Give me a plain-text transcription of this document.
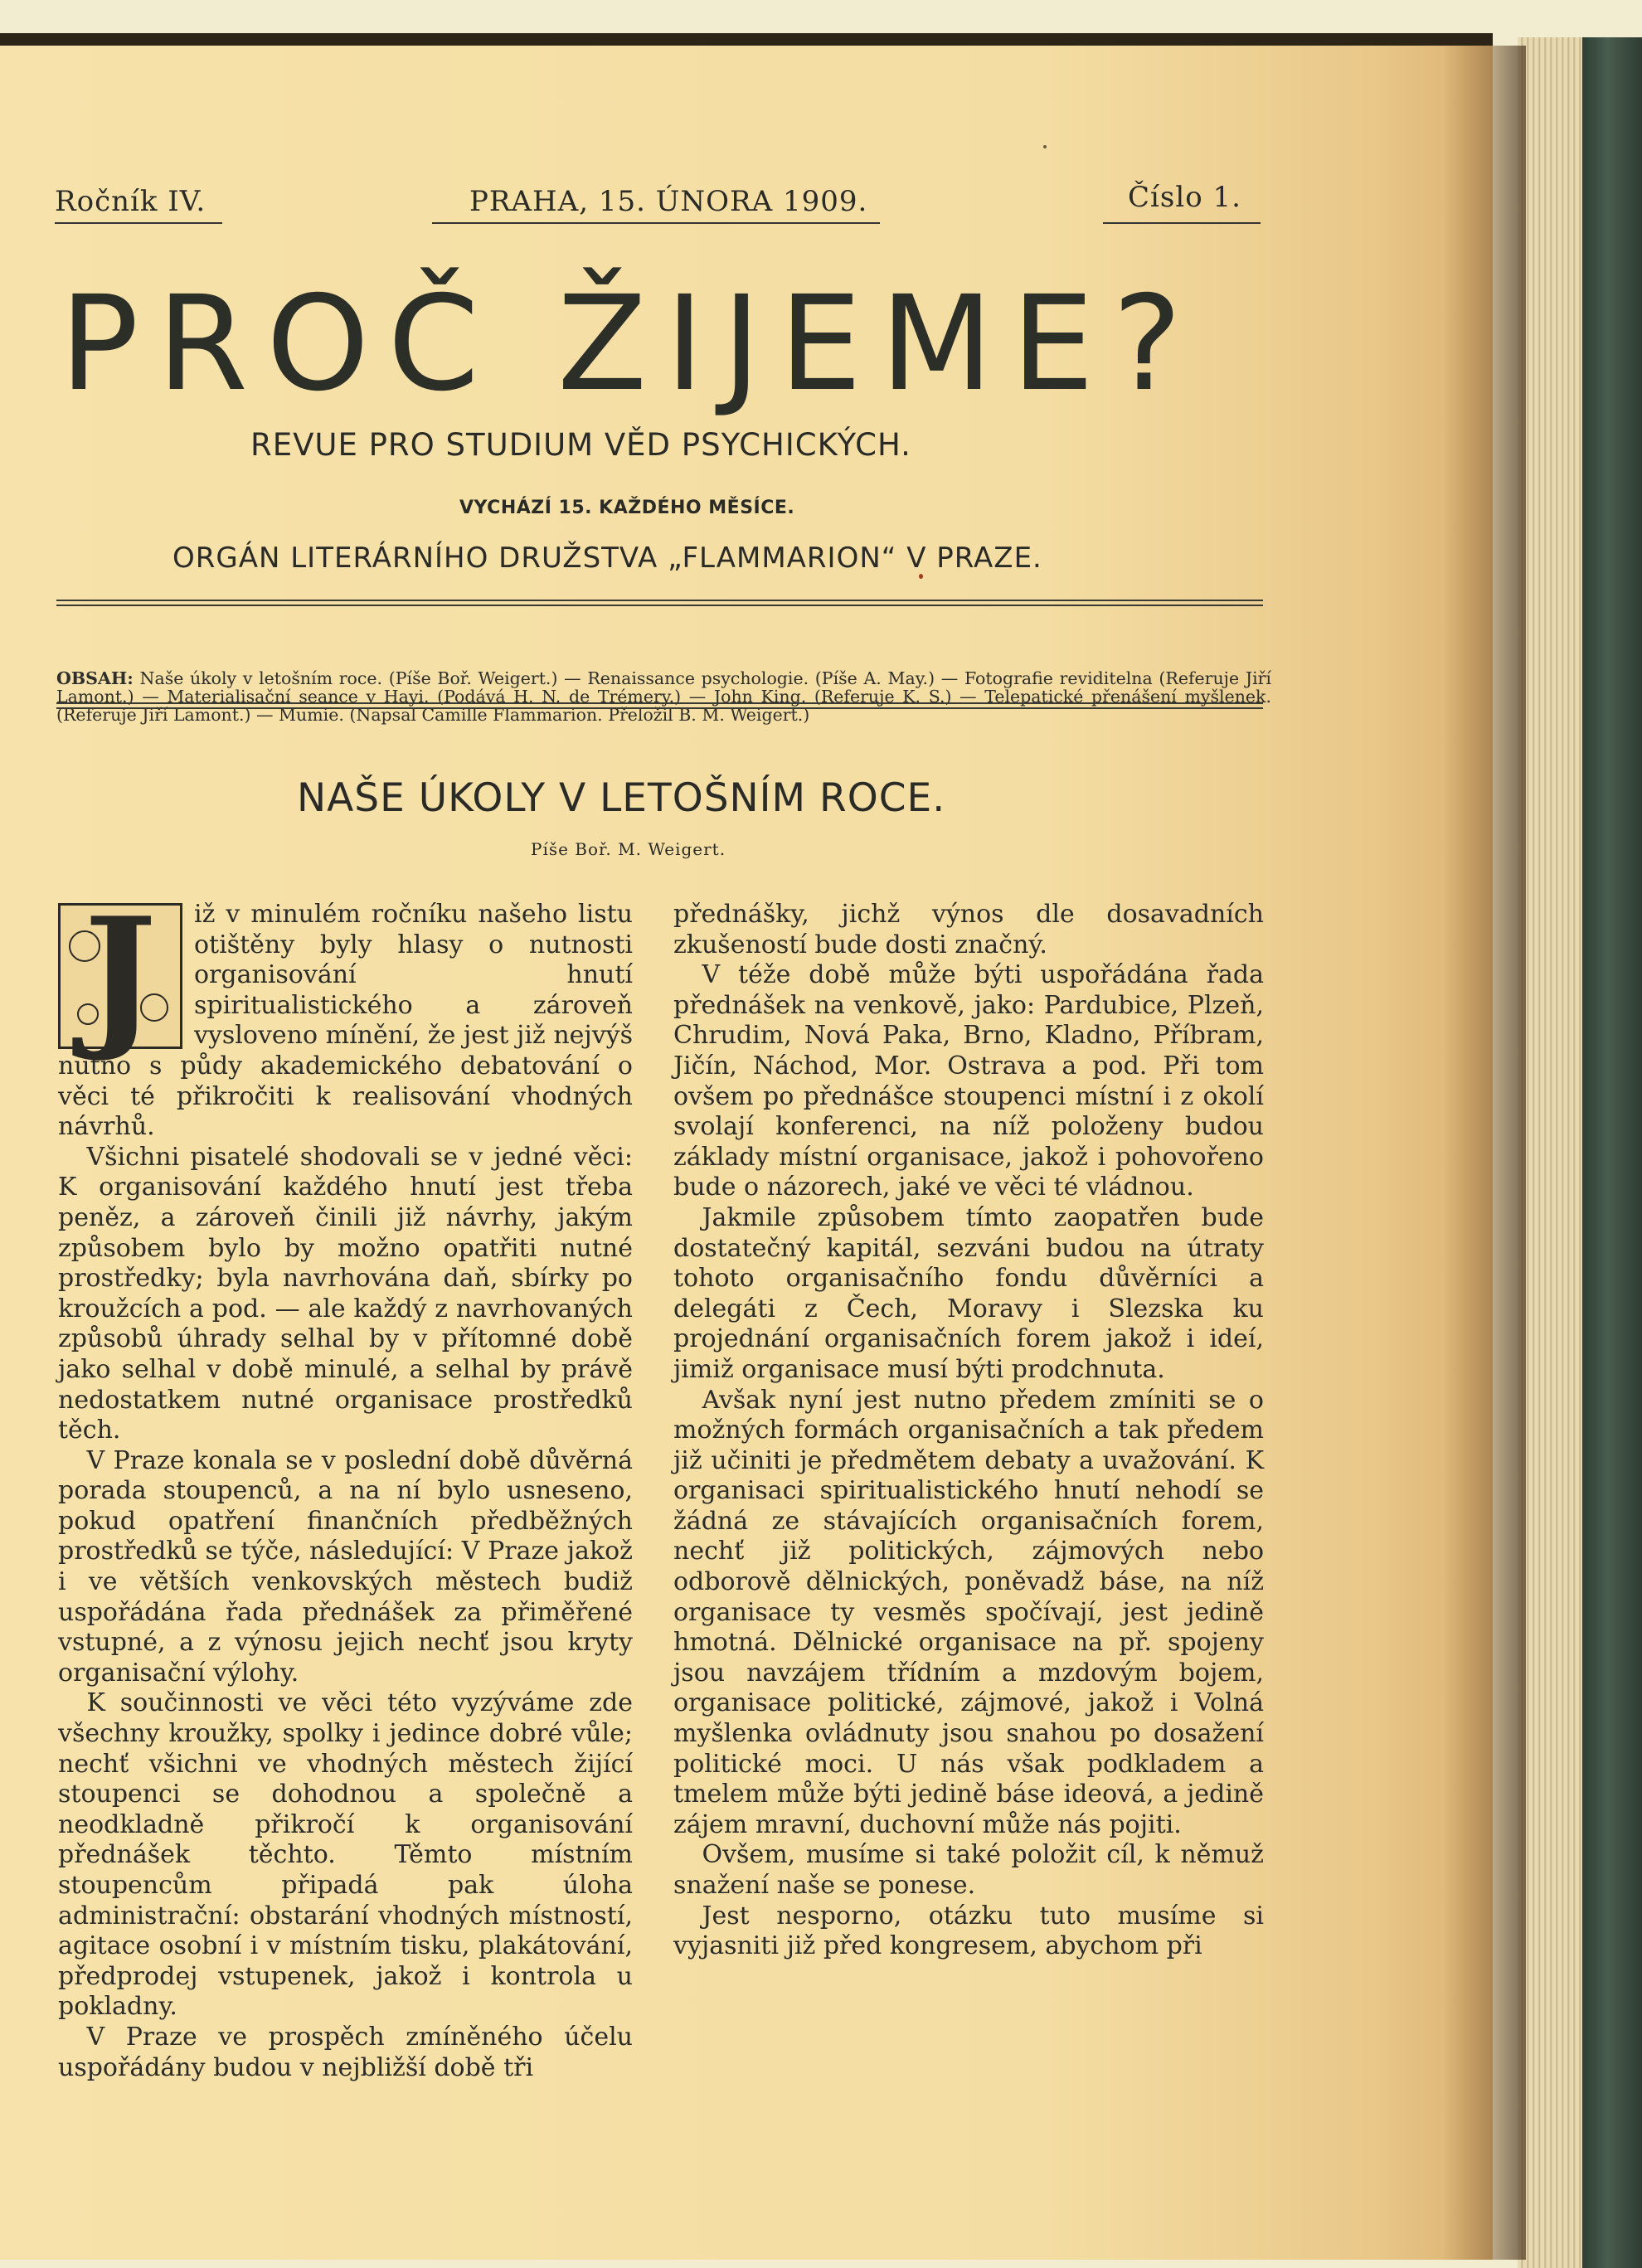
Ročník IV.	PRAHA, 15. ÚNORA 1909.	Číslo 1.
PROČ ŽIJEME?
REVUE PRO STUDIUM VĚD PSYCHICKÝCH.
VYCHÁZÍ 15. KAŽDÉHO MĚSÍCE.
ORGÁN LITERÁRNÍHO DRUŽSTVA „FLAMMARION“ V PRAZE.
OBSAH: Naše úkoly v letošním roce. (Píše Boř. Weigert.) — Renaissance psychologie. (Píše A. May.) — Fotografie reviditelna (Referuje Jiří Lamont.) — Materialisační seance v Hayi. (Podává H. N. de Trémery.) — John King. (Referuje K. S.) — Telepatické přenášení myšlenek. (Referuje Jiří Lamont.) — Mumie. (Napsal Camille Flammarion. Přeložil B. M. Weigert.)
NAŠE ÚKOLY V LETOŠNÍM ROCE.
Píše Boř. M. Weigert.
J	iž v minulém ročníku našeho listu otištěny byly hlasy o nutnosti organisování hnutí spiritualistického a zároveň vysloveno mínění, že jest již nejvýš nutno s půdy akademického debatování o věci té přikročiti k realisování vhodných návrhů.

Všichni pisatelé shodovali se v jedné věci: K organisování každého hnutí jest třeba peněz, a zároveň činili již návrhy, jakým způsobem bylo by možno opatřiti nutné prostředky; byla navrhována daň, sbírky po kroužcích a pod. — ale každý z navrhovaných způsobů úhrady selhal by v přítomné době jako selhal v době minulé, a selhal by právě nedostatkem nutné organisace prostředků těch.

V Praze konala se v poslední době důvěrná porada stoupenců, a na ní bylo usneseno, pokud opatření finančních předběžných prostředků se týče, následující: V Praze jakož i ve větších venkovských městech budiž uspořádána řada přednášek za přiměřené vstupné, a z výnosu jejich nechť jsou kryty organisační výlohy.

K součinnosti ve věci této vyzýváme zde všechny kroužky, spolky i jedince dobré vůle; nechť všichni ve vhodných městech žijící stoupenci se dohodnou a společně a neodkladně přikročí k organisování přednášek těchto. Těmto místním stoupencům připadá pak úloha administrační: obstarání vhodných místností, agitace osobní i v místním tisku, plakátování, předprodej vstupenek, jakož i kontrola u pokladny.

V Praze ve prospěch zmíněného účelu uspořádány budou v nejbližší době tři

přednášky, jichž výnos dle dosavadních zkušeností bude dosti značný.

V téže době může býti uspořádána řada přednášek na venkově, jako: Pardubice, Plzeň, Chrudim, Nová Paka, Brno, Kladno, Příbram, Jičín, Náchod, Mor. Ostrava a pod. Při tom ovšem po přednášce stoupenci místní i z okolí svolají konferenci, na níž položeny budou základy místní organisace, jakož i pohovořeno bude o názorech, jaké ve věci té vládnou.

Jakmile způsobem tímto zaopatřen bude dostatečný kapitál, sezváni budou na útraty tohoto organisačního fondu důvěrníci a delegáti z Čech, Moravy i Slezska ku projednání organisačních forem jakož i ideí, jimiž organisace musí býti prodchnuta.

Avšak nyní jest nutno předem zmíniti se o možných formách organisačních a tak předem již učiniti je předmětem debaty a uvažování. K organisaci spiritualistického hnutí nehodí se žádná ze stávajících organisačních forem, nechť již politických, zájmových nebo odborově dělnických, poněvadž báse, na níž organisace ty vesměs spočívají, jest jedině hmotná. Dělnické organisace na př. spojeny jsou navzájem třídním a mzdovým bojem, organisace politické, zájmové, jakož i Volná myšlenka ovládnuty jsou snahou po dosažení politické moci. U nás však podkladem a tmelem může býti jedině báse ideová, a jedině zájem mravní, duchovní může nás pojiti.

Ovšem, musíme si také položit cíl, k němuž snažení naše se ponese.

Jest nesporno, otázku tuto musíme si vyjasniti již před kongresem, abychom při
